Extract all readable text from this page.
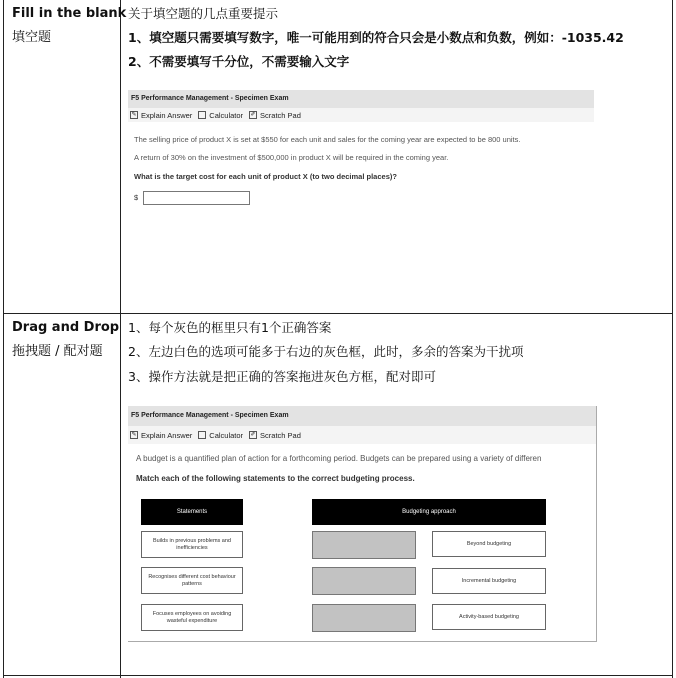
Fill in the blank
填空题
关于填空题的几点重要提示
1、填空题只需要填写数字，唯一可能用到的符合只会是小数点和负数，例如：-1035.42
2、不需要填写千分位，不需要输入文字
F5 Performance Management - Specimen Exam
✎ Explain Answer Calculator ✐ Scratch Pad
The selling price of product X is set at $550 for each unit and sales for the coming year are expected to be 800 units.
A return of 30% on the investment of $500,000 in product X will be required in the coming year.
What is the target cost for each unit of product X (to two decimal places)?
$
Drag and Drop
拖拽题 / 配对题
1、每个灰色的框里只有1个正确答案
2、左边白色的选项可能多于右边的灰色框，此时，多余的答案为干扰项
3、操作方法就是把正确的答案拖进灰色方框，配对即可
F5 Performance Management - Specimen Exam
✎ Explain Answer Calculator ✐ Scratch Pad
A budget is a quantified plan of action for a forthcoming period. Budgets can be prepared using a variety of differen
Match each of the following statements to the correct budgeting process.
Statements	Budgeting approach
Builds in previous problems and inefficiencies
Recognises different cost behaviour patterns
Focuses employees on avoiding wasteful expenditure
Beyond budgeting
Incremental budgeting
Activity-based budgeting
